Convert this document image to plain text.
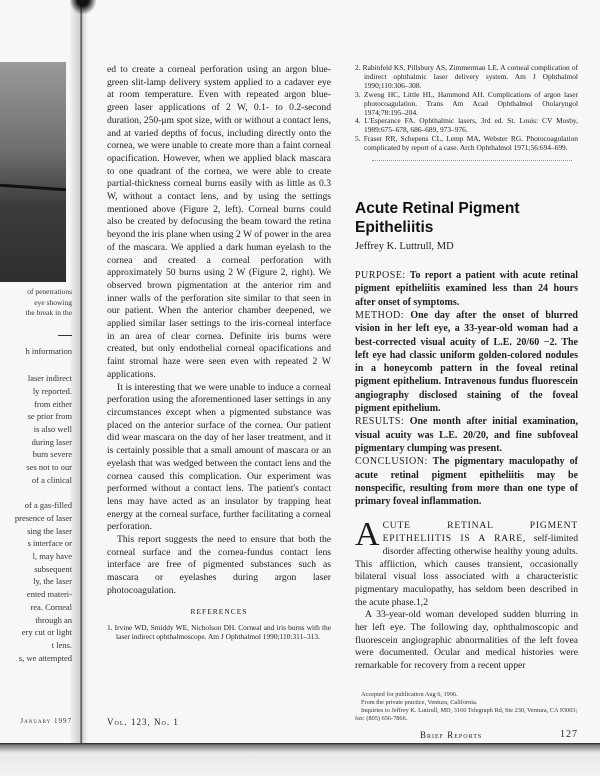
of penetrations
eye showing
the break in the
h information
laser indirect
ly reported.
from either
se prior from
is also well
during laser
burn severe
ses not to our
of a clinical

of a gas-filled
presence of laser
sing the laser
s interface or
l, may have
subsequent
ly, the laser
ented materi-
rea. Corneal
through an
ery cut or light
t lens.
s, we attempted
January 1997

ed to create a corneal perforation using an argon blue-green slit-lamp delivery system applied to a cadaver eye at room temperature. Even with repeated argon blue-green laser applications of 2 W, 0.1- to 0.2-second duration, 250-μm spot size, with or without a contact lens, and at varied depths of focus, including directly onto the cornea, we were unable to create more than a faint corneal opacification. However, when we applied black mascara to one quadrant of the cornea, we were able to create partial-thickness corneal burns easily with as little as 0.3 W, without a contact lens, and by using the settings mentioned above (Figure 2, left). Corneal burns could also be created by defocusing the beam toward the retina beyond the iris plane when using 2 W of power in the area of the mascara. We applied a dark human eyelash to the cornea and created a corneal perforation with approximately 50 burns using 2 W (Figure 2, right). We observed brown pigmentation at the anterior rim and inner walls of the perforation site similar to that seen in our patient. When the anterior chamber deepened, we applied similar laser settings to the iris-corneal interface in an area of clear cornea. Definite iris burns were created, but only endothelial corneal opacifications and faint stromal haze were seen even with repeated 2 W applications.

It is interesting that we were unable to induce a corneal perforation using the aforementioned laser settings in any circumstances except when a pigmented substance was placed on the anterior surface of the cornea. Our patient did wear mascara on the day of her laser treatment, and it is certainly possible that a small amount of mascara or an eyelash that was wedged between the contact lens and the cornea caused this complication. Our experiment was performed without a contact lens. The patient's contact lens may have acted as an insulator by trapping heat energy at the corneal surface, further facilitating a corneal perforation.

This report suggests the need to ensure that both the corneal surface and the cornea-fundus contact lens interface are free of pigmented substances such as mascara or eyelashes during argon laser photocoagulation.

REFERENCES
1. Irvine WD, Smiddy WE, Nicholson DH. Corneal and iris burns with the laser indirect ophthalmoscope. Am J Ophthalmol 1990;110:311–313.
Vol. 123, No. 1
2. Rabinfeld KS, Pillsbury AS, Zimmerman LE. A corneal complication of indirect ophthalmic laser delivery system. Am J Ophthalmol 1990;110:306–308.
3. Zweng HC, Little HL, Hammond AH. Complications of argon laser photocoagulation. Trans Am Acad Ophthalmol Otolaryngol 1974;78:195–204.
4. L'Esperance FA. Ophthalmic lasers, 3rd ed. St. Louis: CV Mosby, 1989:675–678, 686–689, 973–976.
5. Fraser RR, Schepens CL, Lemp MA, Webster RG. Photocoagulation complicated by report of a case. Arch Ophthalmol 1971;56:694–699.
Acute Retinal Pigment Epitheliitis
Jeffrey K. Luttrull, MD

PURPOSE: To report a patient with acute retinal pigment epitheliitis examined less than 24 hours after onset of symptoms.

METHOD: One day after the onset of blurred vision in her left eye, a 33-year-old woman had a best-corrected visual acuity of L.E. 20/60 −2. The left eye had classic uniform golden-colored nodules in a honeycomb pattern in the foveal retinal pigment epithelium. Intravenous fundus fluorescein angiography disclosed staining of the foveal pigment epithelium.

RESULTS: One month after initial examination, visual acuity was L.E. 20/20, and fine subfoveal pigmentary clumping was present.

CONCLUSION: The pigmentary maculopathy of acute retinal pigment epitheliitis may be nonspecific, resulting from more than one type of primary foveal inflammation.

ACUTE RETINAL PIGMENT EPITHELIITIS IS A RARE, self-limited disorder affecting otherwise healthy young adults. This affliction, which causes transient, occasionally bilateral visual loss associated with a characteristic pigmentary maculopathy, has seldom been described in the acute phase.1,2

A 33-year-old woman developed sudden blurring in her left eye. The following day, ophthalmoscopic and fluorescein angiographic abnormalities of the left fovea were documented. Ocular and medical histories were remarkable for recovery from a recent upper

Accepted for publication Aug 6, 1996.
From the private practice, Ventura, California.
Inquiries to Jeffrey K. Luttrull, MD, 3160 Telegraph Rd, Ste 230, Ventura, CA 93003; fax: (805) 656-7866.
Brief Reports	127
